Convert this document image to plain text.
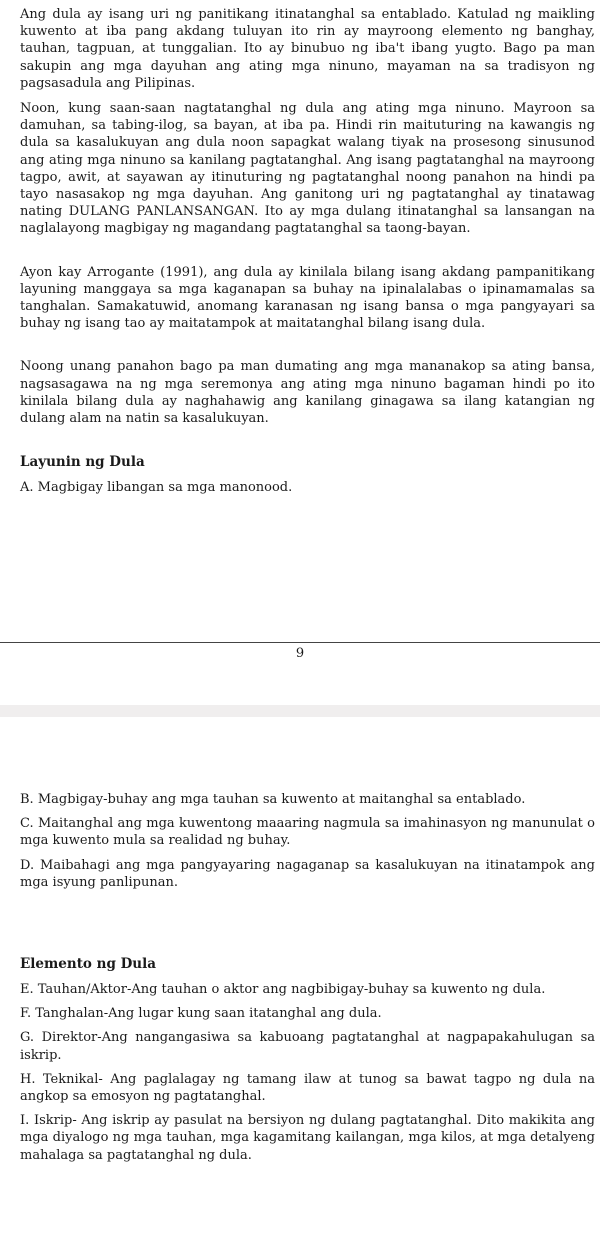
Ang dula ay isang uri ng panitikang itinatanghal sa entablado. Katulad ng maikling kuwento at iba pang akdang tuluyan ito rin ay mayroong elemento ng banghay, tauhan, tagpuan, at tunggalian. Ito ay binubuo ng iba't ibang yugto. Bago pa man sakupin ang mga dayuhan ang ating mga ninuno, mayaman na sa tradisyon ng pagsasadula ang Pilipinas.

Noon, kung saan-saan nagtatanghal ng dula ang ating mga ninuno. Mayroon sa damuhan, sa tabing-ilog, sa bayan, at iba pa. Hindi rin maituturing na kawangis ng dula sa kasalukuyan ang dula noon sapagkat walang tiyak na prosesong sinusunod ang ating mga ninuno sa kanilang pagtatanghal. Ang isang pagtatanghal na mayroong tagpo, awit, at sayawan ay itinuturing ng pagtatanghal noong panahon na hindi pa tayo nasasakop ng mga dayuhan. Ang ganitong uri ng pagtatanghal ay tinatawag nating DULANG PANLANSANGAN. Ito ay mga dulang itinatanghal sa lansangan na naglalayong magbigay ng magandang pagtatanghal sa taong-bayan.

Ayon kay Arrogante (1991), ang dula ay kinilala bilang isang akdang pampanitikang layuning manggaya sa mga kaganapan sa buhay na ipinalalabas o ipinamamalas sa tanghalan. Samakatuwid, anomang karanasan ng isang bansa o mga pangyayari sa buhay ng isang tao ay maitatampok at maitatanghal bilang isang dula.

Noong unang panahon bago pa man dumating ang mga mananakop sa ating bansa, nagsasagawa na ng mga seremonya ang ating mga ninuno bagaman hindi po ito kinilala bilang dula ay naghahawig ang kanilang ginagawa sa ilang katangian ng dulang alam na natin sa kasalukuyan.

Layunin ng Dula

A. Magbigay libangan sa mga manonood.

9

B. Magbigay-buhay ang mga tauhan sa kuwento at maitanghal sa entablado.

C. Maitanghal ang mga kuwentong maaaring nagmula sa imahinasyon ng manunulat o mga kuwento mula sa realidad ng buhay.

D. Maibahagi ang mga pangyayaring nagaganap sa kasalukuyan na itinatampok ang mga isyung panlipunan.

Elemento ng Dula

E. Tauhan/Aktor-Ang tauhan o aktor ang nagbibigay-buhay sa kuwento ng dula.

F. Tanghalan-Ang lugar kung saan itatanghal ang dula.

G. Direktor-Ang nangangasiwa sa kabuoang pagtatanghal at nagpapakahulugan sa iskrip.

H. Teknikal- Ang paglalagay ng tamang ilaw at tunog sa bawat tagpo ng dula na angkop sa emosyon ng pagtatanghal.

I. Iskrip- Ang iskrip ay pasulat na bersiyon ng dulang pagtatanghal. Dito makikita ang mga diyalogo ng mga tauhan, mga kagamitang kailangan, mga kilos, at mga detalyeng mahalaga sa pagtatanghal ng dula.
